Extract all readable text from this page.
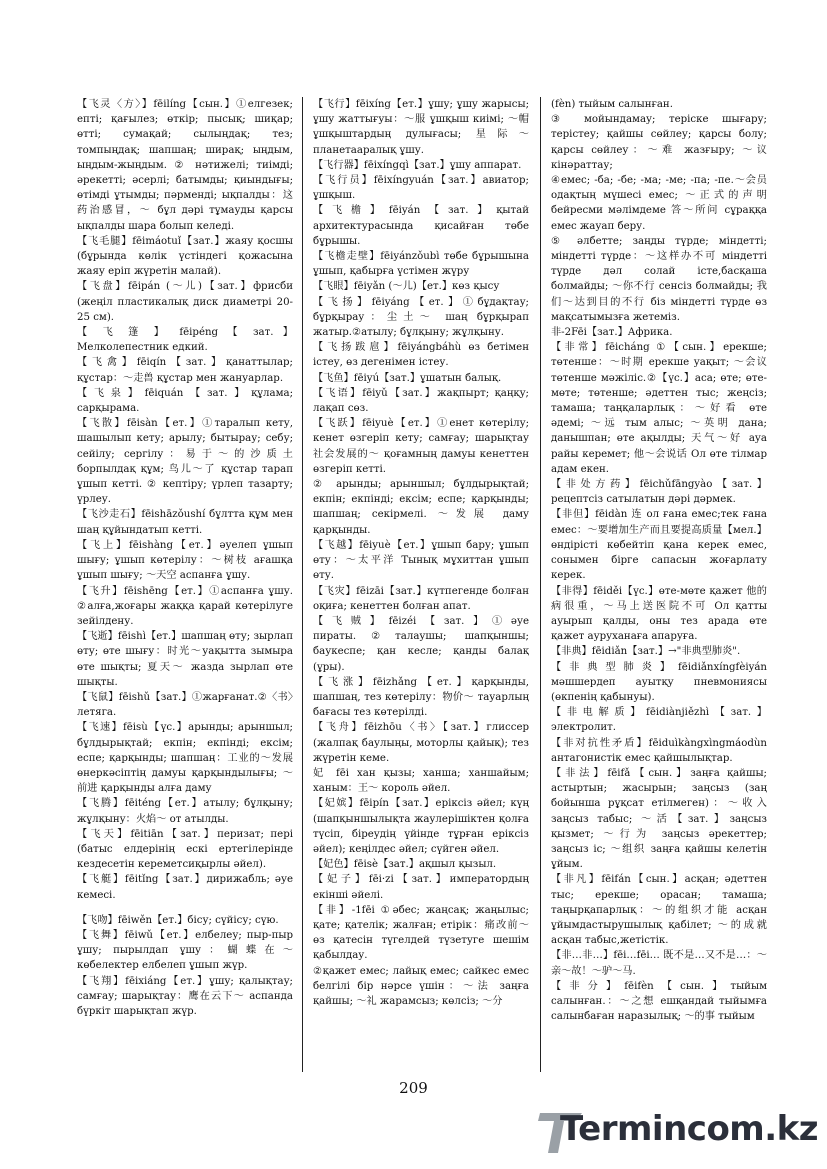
【飞灵〈方〉】fēilíng【сын.】①елгезек; епті; қағылез; өткір; пысық; шиқар; өтті; сумақай; сылыңдақ; тез; томпыңдақ; шапшаң; ширақ; ыңдым, ыңдым-жыңдым. ② нәтижелі; тиімді; әрекетті; әсерлі; батымды; қиындығы; өтімді ұтымды; пәрменді; ықпалды：这药治感冒，～ бұл дәрі тұмауды қарсы ықпалды шара болып келеді.

【飞毛腿】fēimáotuǐ【зат.】жаяу қосшы (бұрында көлік үстіндегі қожасына жаяу еріп жүретін малай).

【飞盘】fēipán (～儿)【зат.】фрисби (жеңіл пластикалық диск диаметрі 20-25 см).

【 飞 篷 】 fēipéng 【 зат. 】 Мелколепестник едкий.

【飞禽】fēiqín【зат.】қанаттылар; құстар：～走兽 құстар мен жануарлар.

【飞泉】fēiquán【зат.】құлама; сарқырама.

【飞散】fēisàn【ет.】①таралып кету, шашылып кету; арылу; бытырау; себу; сейілу; сергілу：易于～的沙质土 борпылдақ құм; 鸟儿～了 құстар тарап ұшып кетті. ② кептіру; үрлеп тазарту; үрлеу.

【飞沙走石】fēishāzǒushí бұлтта құм мен шаң құйындатып кетті.

【飞上】fēishàng【ет.】әуелеп ұшып шығу; ұшып көтерілу：～树枝 ағашқа ұшып шығу; ～天空 аспанға ұшу.

【飞升】fēishēng【ет.】①аспанға ұшу. ②алға,жоғары жаққа қарай көтерілуге зейілдену.

【飞逝】fēishì【ет.】шапшаң өту; зырлап өту; өте шығу：时光～уақытта зымыра өте шықты; 夏天～ жазда зырлап өте шықты.

【飞鼠】fēishǔ【зат.】①жарғанат.②〈书〉летяга.

【飞速】fēisù【үс.】арынды; арыншыл; бұлдырықтай; екпін; екпінді; ексім; еспе; қарқынды; шапшаң：工业的～发展 өнеркәсіптің дамуы қарқындылығы; ～前进 қарқынды алға даму

【飞腾】fēiténg【ет.】атылу; бұлқыну; жұлқыну：火焰～ от атылды.

【飞天】fēitiān【зат.】перизат; пері (батыс елдерінің ескі ертегілерінде кездесетін кереметсиқырлы әйел).

【飞艇】fēitǐng【зат.】дирижабль; әуе кемесі.

【飞吻】fēiwěn【ет.】бісу; сүйісу; сүю.

【飞舞】fēiwǔ【ет.】елбелеу; пыр-пыр ұшу; пырылдап ұшу：蝴蝶在～ көбелектер елбелеп ұшып жүр.

【飞翔】fēixiáng【ет.】ұшу; қалықтау; самғау; шарықтау：鹰在云下～ аспанда бүркіт шарықтап жүр.

【飞行】fēixíng【ет.】ұшу; ұшу жарысы; ұшу жаттығуы：～服 ұшқыш киімі; ～帽 ұшқыштардың дулығасы; 星际～планетааралық ұшу.

【飞行器】fēixíngqì【зат.】ұшу аппарат.

【飞行员】fēixíngyuán【зат.】авиатор; ұшқыш.

【飞檐】fēiyán【зат.】қытай архитектурасында қисайған төбе бұрышы.

【飞檐走壁】fēiyánzǒubì төбе бұрышына ұшып, қабырға үстімен жүру

【飞眼】fēiyǎn (～儿)【ет.】көз қысу

【飞扬】fēiyáng【ет.】①бұдақтау; бұрқырау：尘土～ шаң бұрқырап жатыр.②атылу; бұлқыну; жұлқыну.

【飞扬跋扈】fēiyángbáhù өз бетімен істеу, өз дегенімен істеу.

【飞鱼】fēiyú【зат.】ұшатын балық.

【飞语】fēiyǔ【зат.】жақпырт; қаңқу; лақап сөз.

【飞跃】fēiyuè【ет.】①енет көтерілу; кенет өзгеріп кету; самғау; шарықтау 社会发展的～ қоғамның дамуы кенеттен өзгеріп кетті.

② арынды; арыншыл; бұлдырықтай; екпін; екпінді; ексім; еспе; қарқынды; шапшаң; секірмелі. ～发展 даму қарқынды.

【飞越】fēiyuè【ет.】ұшып бару; ұшып өту：～太平洋 Тынық мұхиттан ұшып өту.

【飞灾】fēizāi【зат.】күтпегенде болған оқиға; кенеттен болған апат.

【飞贼】fēizéi【зат.】①әуе пираты.②талаушы; шапқыншы; баукеспе; қан кесле; қанды балақ (ұры).

【飞涨】fēizhǎng【ет.】қарқынды, шапшаң, тез көтерілу：物价～ тауарлың бағасы тез көтерілді.

【飞舟】fēizhōu〈书〉【зат.】глиссер (жалпақ баулыңы, моторлы қайық); тез жүретін кеме.

妃 fēi хан қызы; ханша; ханшайым; ханым：王～ король әйел.

【妃嫔】fēipín【зат.】ерікcіз әйел; күң (шапқыншылықта жаулерішіктен қолға түсіп, біреудің үйінде тұрған ерікcіз әйел); кеңілдес әйел; сүйген әйел.

【妃色】fēisè【зат.】ақшыл қызыл.

【妃子】fēi·zi【зат.】императордың екінші әйелі.

【非】-1fēi ①әбес; жаңсақ; жаңылыс; қате; қателік; жалған; етірік：痛改前～ өз қатесін түгелдей түзетуге шешім қабылдау.

②қажет емес; лайық емес; сайкес емес белгілі бір нәрсе үшін：～法 заңға қайшы; ～礼 жарамсыз; көлсіз; ～分

(fèn) тыйым салынған.

③ мойындамау; теріске шығару; терістеу; қайшы сөйлеу; қарсы болу; қарсы сөйлеу：～难 жазғыру; ～议 кінәраттау;

④емес; -ба; -бе; -ма; -ме; -па; -пе.～会员 одақтың мүшесі емес; ～正式的声明 бейресми мәлімдеме 答～所问 сұраққа емес жауап беру.

⑤ әлбетте; заңды түрде; міндетті; міндетті түрде：～这样办不可 міндетті түрде дәл солай істе,басқаша болмайды; ～你不行 сенсіз болмайды; 我们～达到目的不行 біз міндетті түрде өз мақсатымызға жетеміз.

非-2Fēi【зат.】Африка.

【非常】fēicháng ①【сын.】ерекше; төтенше：～时期 ерекше уақыт; ～会议 төтенше мәжіліс.②【үс.】аса; өте; өте-мөте; төтенше; әдеттен тыс; жеңсіз; тамаша; таңқаларлық：～好看 өте әдемі; ～远 тым алыс; ～英明 дана; данышпан; өте ақылды; 天气～好 ауа райы керемет; 他～会说话 Ол өте тілмар адам екен.

【非处方药】fēichǔfāngyào【зат.】рецептсіз сатылатын дәрі дәрмек.

【非但】fēidàn 连 ол ғана емес;тек ғана емес：～要增加生产而且要提高质量【мел.】өндірісті көбейтіп қана керек емес, сонымен бірге сапасын жоғарлату керек.

【非得】fēiděi【үс.】өте-мөте қажет 他的病很重，～马上送医院不可 Ол қатты ауырып қалды, оны тез арада өте қажет ауруханаға апаруға.

【非典】fēidiǎn【зат.】→"非典型肺炎".

【非典型肺炎】fēidiǎnxíngfèiyán мәшшердеп ауытқу пневмониясы (өкпенің қабынуы).

【非电解质】fēidiànjiězhì【зат.】электролит.

【非对抗性矛盾】fēiduìkàngxìngmáodùn антагонистік емес қайшылықтар.

【非法】fēifǎ【сын.】заңға қайшы; астыртын; жасырын; заңсыз (заң бойынша рұқсат етілмеген)：～收入 заңсыз табыс; ～活【зат.】заңсыз қызмет; ～行为 заңсыз әрекеттер; заңсыз іс; ～组织 заңға қайшы келетін ұйым.

【非凡】fēifán【сын.】асқан; әдеттен тыс; ерекше; орасан; тамаша; таңырқапарлық：～的组织才能 асқан ұйымдастырушылық қабілет; ～的成就 асқан табыс,жетістік.

【非…非…】fēi…fēi… 既不是…又不是…：～亲～故！～驴～马.

【非分】fēifèn【сын.】тыйым салынған.：～之想 ешқандай тыйымға салынбаған наразылық; ～的事 тыйым

209
Termincom.kz
